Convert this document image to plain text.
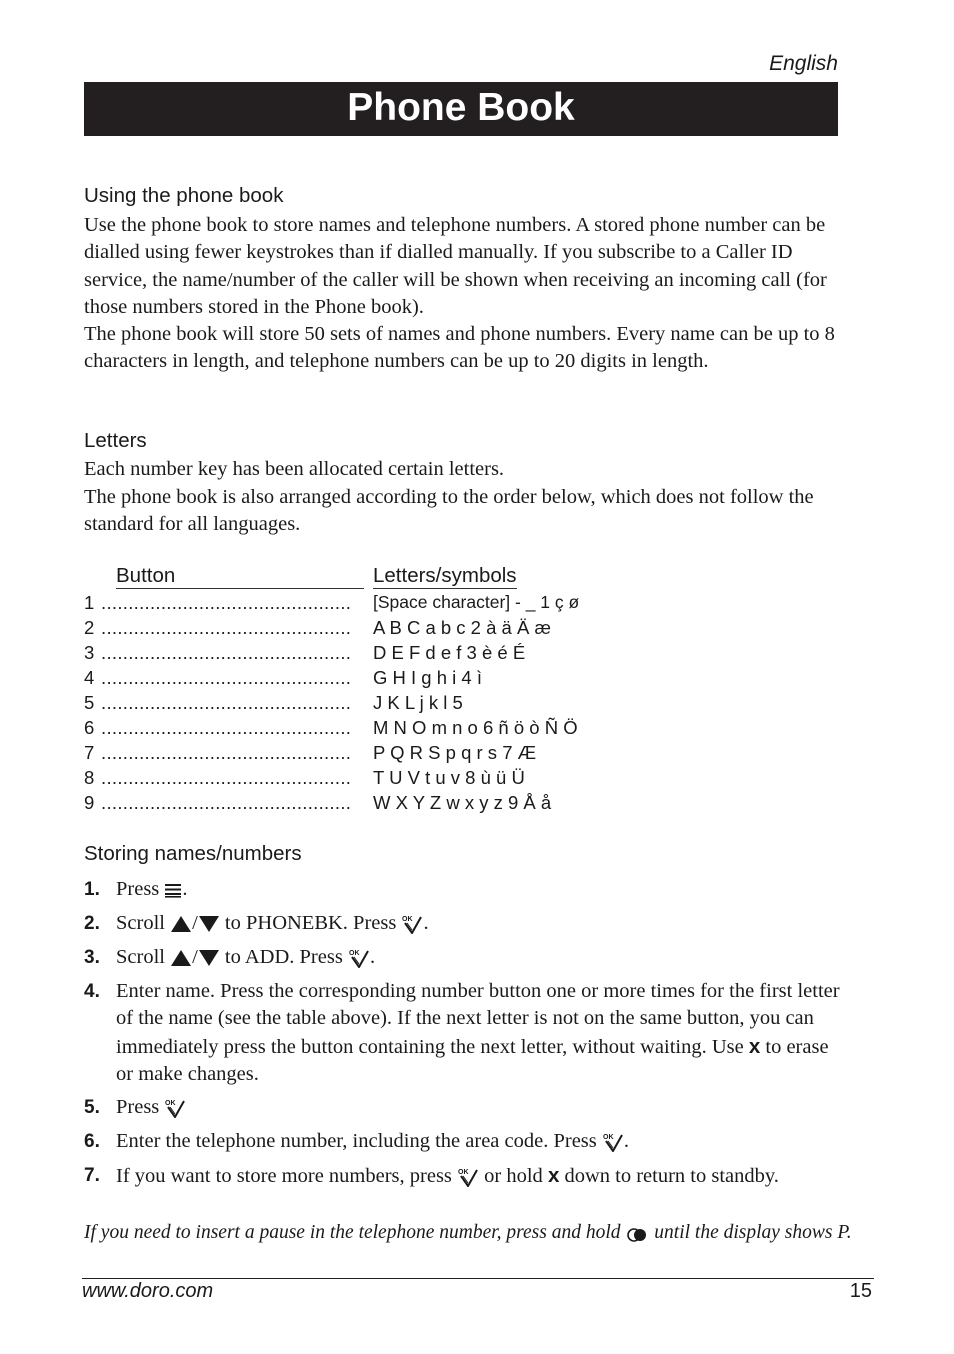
English
Phone Book
Using the phone book

Use the phone book to store names and telephone numbers. A stored phone number can be dialled using fewer keystrokes than if dialled manually. If you subscribe to a Caller ID service, the name/number of the caller will be shown when receiving an incoming call (for those numbers stored in the Phone book).

The phone book will store 50 sets of names and phone numbers. Every name can be up to 8 characters in length, and telephone numbers can be up to 20 digits in length.

Letters

Each number key has been allocated certain letters.

The phone book is also arranged according to the order below, which does not follow the standard for all languages.

Button	Letters/symbols
1 ..............................................	[Space character] - _ 1 ç ø
2 ..............................................	A B C a b c 2 à ä Ä æ
3 ..............................................	D E F d e f 3 è é É
4 ..............................................	G H I g h i 4 ì
5 ..............................................	J K L j k l 5
6 ..............................................	M N O m n o 6 ñ ö ò Ñ Ö
7 ..............................................	P Q R S p q r s 7 Æ
8 ..............................................	T U V t u v 8 ù ü Ü
9 ..............................................	W X Y Z w x y z 9 Å å
Storing names/numbers
1. Press .
2. Scroll / to PHONEBK. Press OK .
3. Scroll / to ADD. Press OK .
4. Enter name. Press the corresponding number button one or more times for the first letter of the name (see the table above). If the next letter is not on the same button, you can immediately press the button containing the next letter, without waiting. Use x to erase or make changes.
5. Press OK
6. Enter the telephone number, including the area code. Press OK .
7. If you want to store more numbers, press OK or hold x down to return to standby.
If you need to insert a pause in the telephone number, press and hold  until the display shows P.
www.doro.com	15
